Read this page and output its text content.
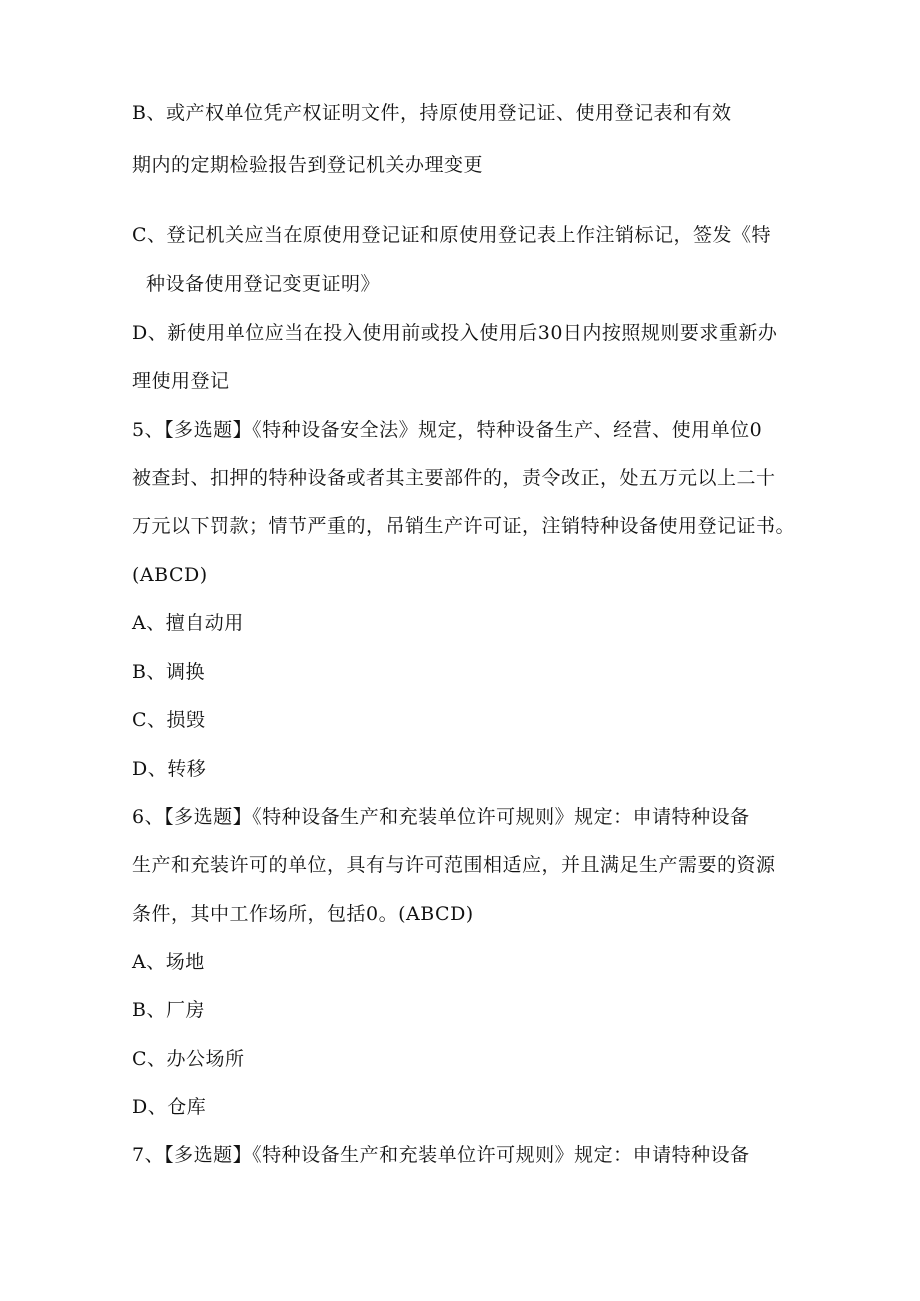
B、或产权单位凭产权证明文件，持原使用登记证、使用登记表和有效
期内的定期检验报告到登记机关办理变更
C、登记机关应当在原使用登记证和原使用登记表上作注销标记，签发《特
种设备使用登记变更证明》
D、新使用单位应当在投入使用前或投入使用后30日内按照规则要求重新办
理使用登记
5、【多选题】《特种设备安全法》规定，特种设备生产、经营、使用单位0
被查封、扣押的特种设备或者其主要部件的，责令改正，处五万元以上二十
万元以下罚款；情节严重的，吊销生产许可证，注销特种设备使用登记证书。
(ABCD)
A、擅自动用
B、调换
C、损毁
D、转移
6、【多选题】《特种设备生产和充装单位许可规则》规定：申请特种设备
生产和充装许可的单位，具有与许可范围相适应，并且满足生产需要的资源
条件，其中工作场所，包括0。(ABCD)
A、场地
B、厂房
C、办公场所
D、仓库
7、【多选题】《特种设备生产和充装单位许可规则》规定：申请特种设备
